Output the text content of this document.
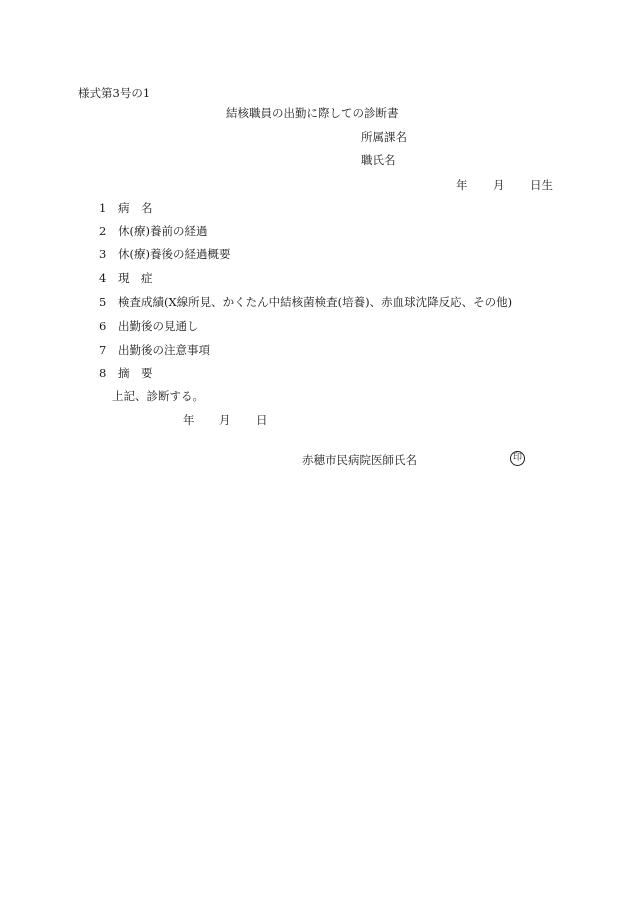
様式第3号の1
結核職員の出勤に際しての診断書
所属課名
職氏名
年 月 日生
1	病　名
2	休(療)養前の経過
3	休(療)養後の経過概要
4	現　症
5	検査成績(X線所見、かくたん中結核菌検査(培養)、赤血球沈降反応、その他)
6	出勤後の見通し
7	出勤後の注意事項
8	摘　要
上記、診断する。
年 月 日
赤穂市民病院医師氏名	印
